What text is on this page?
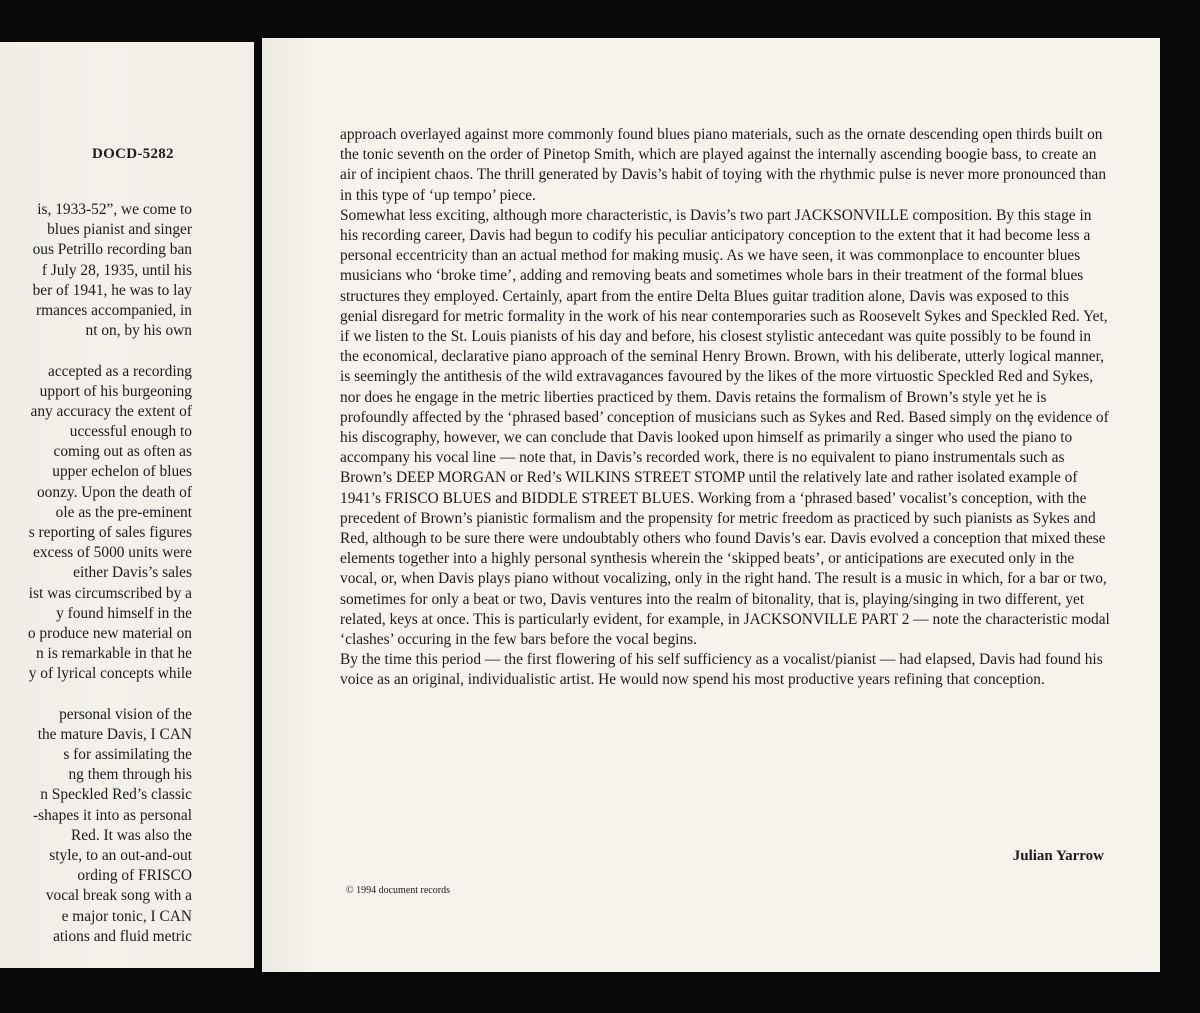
DOCD-5282
is, 1933-52”, we come to
blues pianist and singer
ous Petrillo recording ban
f July 28, 1935, until his
ber of 1941, he was to lay
rmances accompanied, in
nt on, by his own
accepted as a recording
upport of his burgeoning
any accuracy the extent of
uccessful enough to
coming out as often as
upper echelon of blues
oonzy. Upon the death of
ole as the pre-eminent
s reporting of sales figures
excess of 5000 units were
either Davis’s sales
ist was circumscribed by a
y found himself in the
o produce new material on
n is remarkable in that he
y of lyrical concepts while
personal vision of the
the mature Davis, I CAN
s for assimilating the
ng them through his
n Speckled Red’s classic
-shapes it into as personal
Red. It was also the
style, to an out-and-out
ording of FRISCO
vocal break song with a
e major tonic, I CAN
ations and fluid metric
approach overlayed against more commonly found blues piano materials, such as the ornate descending open thirds built on the tonic seventh on the order of Pinetop Smith, which are played against the internally ascending boogie bass, to create an air of incipient chaos. The thrill generated by Davis’s habit of toying with the rhythmic pulse is never more pronounced than in this type of ‘up tempo’ piece.
Somewhat less exciting, although more characteristic, is Davis’s two part JACKSONVILLE composition. By this stage in his recording career, Davis had begun to codify his peculiar anticipatory conception to the extent that it had become less a personal eccentricity than an actual method for making musiç. As we have seen, it was commonplace to encounter blues musicians who ‘broke time’, adding and removing beats and sometimes whole bars in their treatment of the formal blues structures they employed. Certainly, apart from the entire Delta Blues guitar tradition alone, Davis was exposed to this genial disregard for metric formality in the work of his near contemporaries such as Roosevelt Sykes and Speckled Red. Yet, if we listen to the St. Louis pianists of his day and before, his closest stylistic antecedant was quite possibly to be found in the economical, declarative piano approach of the seminal Henry Brown. Brown, with his deliberate, utterly logical manner, is seemingly the antithesis of the wild extravagances favoured by the likes of the more virtuostic Speckled Red and Sykes, nor does he engage in the metric liberties practiced by them. Davis retains the formalism of Brown’s style yet he is profoundly affected by the ‘phrased based’ conception of musicians such as Sykes and Red. Based simply on thȩ evidence of his discography, however, we can conclude that Davis looked upon himself as primarily a singer who used the piano to accompany his vocal line — note that, in Davis’s recorded work, there is no equivalent to piano instrumentals such as Brown’s DEEP MORGAN or Red’s WILKINS STREET STOMP until the relatively late and rather isolated example of 1941’s FRISCO BLUES and BIDDLE STREET BLUES. Working from a ‘phrased based’ vocalist’s conception, with the precedent of Brown’s pianistic formalism and the propensity for metric freedom as practiced by such pianists as Sykes and Red, although to be sure there were undoubtably others who found Davis’s ear. Davis evolved a conception that mixed these elements together into a highly personal synthesis wherein the ‘skipped beats’, or anticipations are executed only in the vocal, or, when Davis plays piano without vocalizing, only in the right hand. The result is a music in which, for a bar or two, sometimes for only a beat or two, Davis ventures into the realm of bitonality, that is, playing/singing in two different, yet related, keys at once. This is particularly evident, for example, in JACKSONVILLE PART 2 — note the characteristic modal ‘clashes’ occuring in the few bars before the vocal begins.
By the time this period — the first flowering of his self sufficiency as a vocalist/pianist — had elapsed, Davis had found his voice as an original, individualistic artist. He would now spend his most productive years refining that conception.
Julian Yarrow
© 1994 document records
